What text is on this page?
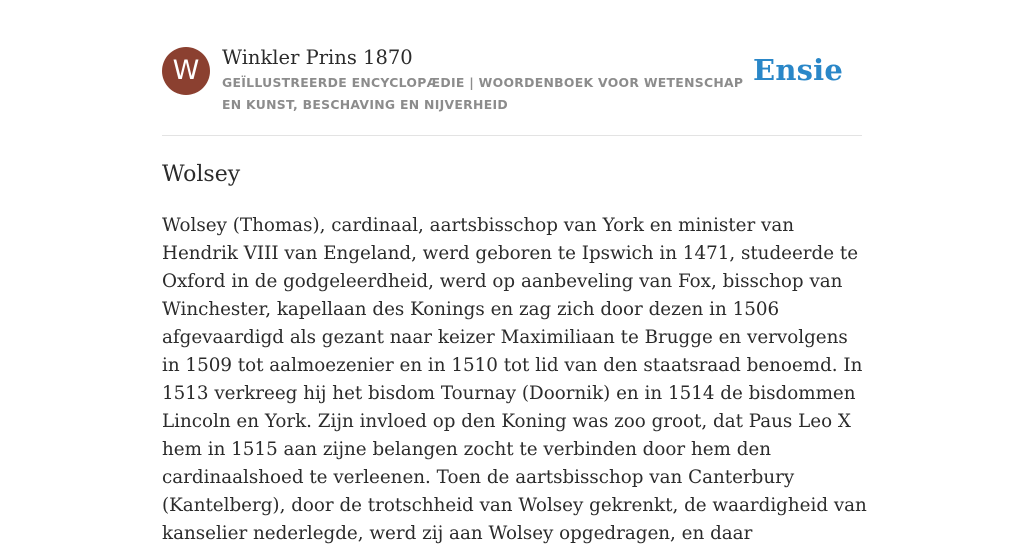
W	Winkler Prins 1870

GEÏLLUSTREERDE ENCYCLOPÆDIE | WOORDENBOEK VOOR WETENSCHAP EN KUNST, BESCHAVING EN NIJVERHEID

Ensie
Wolsey

Wolsey (Thomas), cardinaal, aartsbisschop van York en minister van Hendrik VIII van Engeland, werd geboren te Ipswich in 1471, studeerde te Oxford in de godgeleerdheid, werd op aanbeveling van Fox, bisschop van Winchester, kapellaan des Konings en zag zich door dezen in 1506 afgevaardigd als gezant naar keizer Maximiliaan te Brugge en vervolgens in 1509 tot aalmoezenier en in 1510 tot lid van den staatsraad benoemd. In 1513 verkreeg hij het bisdom Tournay (Doornik) en in 1514 de bisdommen Lincoln en York. Zijn invloed op den Koning was zoo groot, dat Paus Leo X hem in 1515 aan zijne belangen zocht te verbinden door hem den cardinaalshoed te verleenen. Toen de aartsbisschop van Canterbury (Kantelberg), door de trotschheid van Wolsey gekrenkt, de waardigheid van kanselier nederlegde, werd zij aan Wolsey opgedragen, en daar
